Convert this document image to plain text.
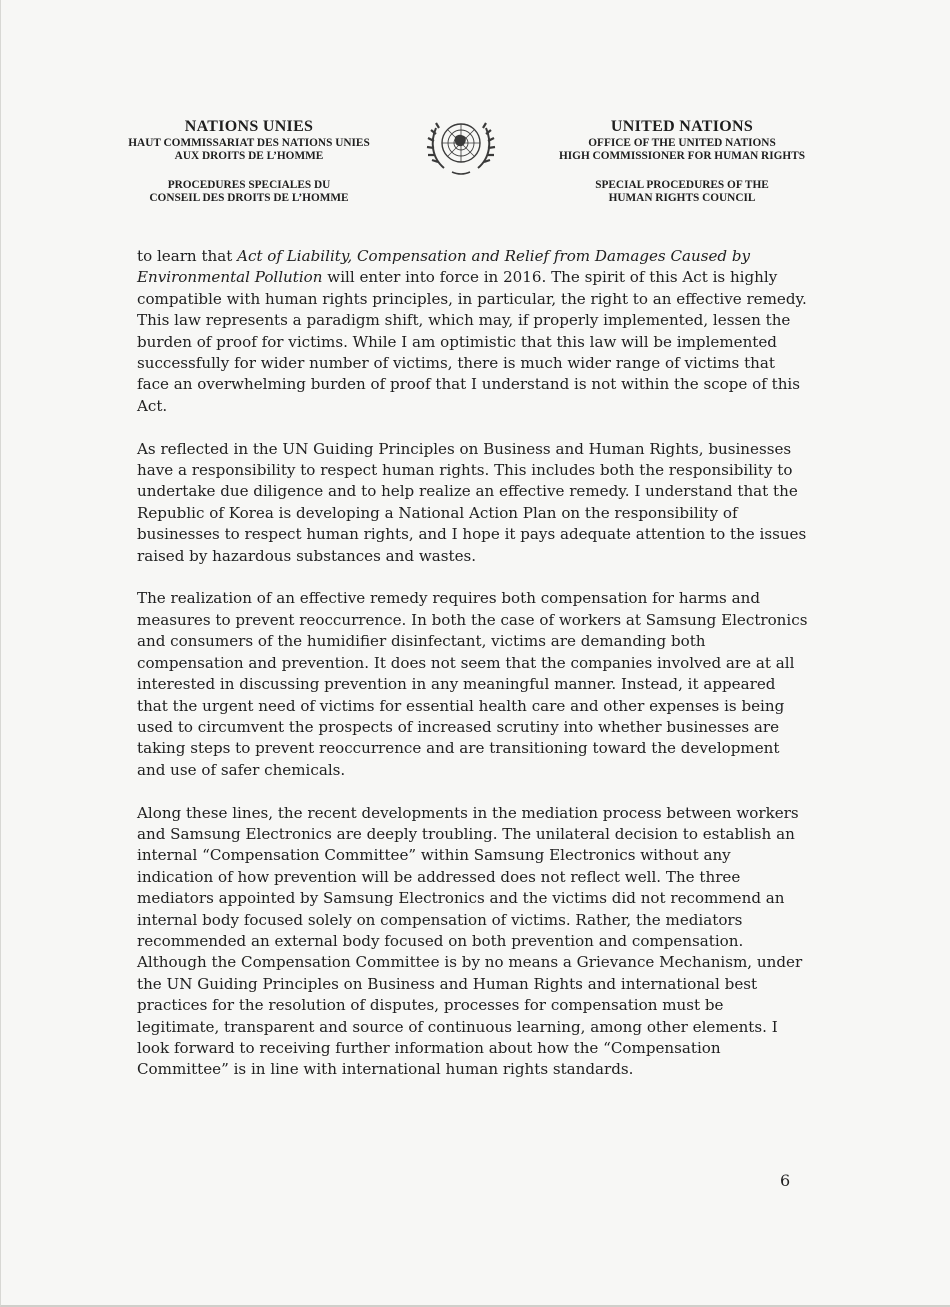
NATIONS UNIES
HAUT COMMISSARIAT DES NATIONS UNIES
AUX DROITS DE L’HOMME
PROCEDURES SPECIALES DU
CONSEIL DES DROITS DE L’HOMME
UNITED NATIONS
OFFICE OF THE UNITED NATIONS
HIGH COMMISSIONER FOR HUMAN RIGHTS
SPECIAL PROCEDURES OF THE
HUMAN RIGHTS COUNCIL

to learn that Act of Liability, Compensation and Relief from Damages Caused by Environmental Pollution will enter into force in 2016. The spirit of this Act is highly compatible with human rights principles, in particular, the right to an effective remedy. This law represents a paradigm shift, which may, if properly implemented, lessen the burden of proof for victims. While I am optimistic that this law will be implemented successfully for wider number of victims, there is much wider range of victims that face an overwhelming burden of proof that I understand is not within the scope of this Act.

As reflected in the UN Guiding Principles on Business and Human Rights, businesses have a responsibility to respect human rights. This includes both the responsibility to undertake due diligence and to help realize an effective remedy. I understand that the Republic of Korea is developing a National Action Plan on the responsibility of businesses to respect human rights, and I hope it pays adequate attention to the issues raised by hazardous substances and wastes.

The realization of an effective remedy requires both compensation for harms and measures to prevent reoccurrence. In both the case of workers at Samsung Electronics and consumers of the humidifier disinfectant, victims are demanding both compensation and prevention. It does not seem that the companies involved are at all interested in discussing prevention in any meaningful manner. Instead, it appeared that the urgent need of victims for essential health care and other expenses is being used to circumvent the prospects of increased scrutiny into whether businesses are taking steps to prevent reoccurrence and are transitioning toward the development and use of safer chemicals.

Along these lines, the recent developments in the mediation process between workers and Samsung Electronics are deeply troubling. The unilateral decision to establish an internal “Compensation Committee” within Samsung Electronics without any indication of how prevention will be addressed does not reflect well. The three mediators appointed by Samsung Electronics and the victims did not recommend an internal body focused solely on compensation of victims. Rather, the mediators recommended an external body focused on both prevention and compensation. Although the Compensation Committee is by no means a Grievance Mechanism, under the UN Guiding Principles on Business and Human Rights and international best practices for the resolution of disputes, processes for compensation must be legitimate, transparent and source of continuous learning, among other elements. I look forward to receiving further information about how the “Compensation Committee” is in line with international human rights standards.

6
